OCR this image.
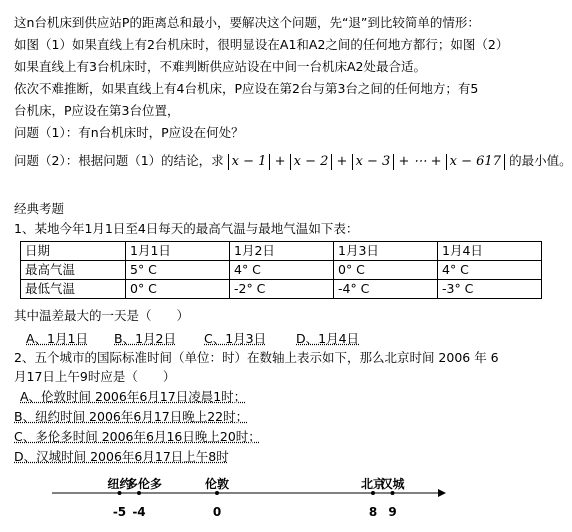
这n台机床到供应站P的距离总和最小，要解决这个问题，先“退”到比较简单的情形：
如图（1）如果直线上有2台机床时，很明显设在A1和A2之间的任何地方都行；如图（2）
如果直线上有3台机床时，不难判断供应站设在中间一台机床A2处最合适。
依次不难推断，如果直线上有4台机床，P应设在第2台与第3台之间的任何地方；有5
台机床，P应设在第3台位置，
问题（1）：有n台机床时，P应设在何处？
问题（2）：根据问题（1）的结论，求 x − 1 + x − 2 + x − 3 + ⋯ + x − 617 的最小值。
经典考题
1、某地今年1月1日至4日每天的最高气温与最地气温如下表：
日期	1月1日	1月2日	1月3日	1月4日
最高气温	5° C	4° C	0° C	4° C
最低气温	0° C	-2° C	-4° C	-3° C
其中温差最大的一天是（　　）
A、1月1日 B、1月2日 C、1月3日 D、1月4日
2、五个城市的国际标准时间（单位：时）在数轴上表示如下，那么北京时间 2006 年 6
月17日上午9时应是（　　）
A、伦敦时间 2006年6月17日凌晨1时；
B、纽约时间 2006年6月17日晚上22时；
C、多伦多时间 2006年6月16日晚上20时；
D、汉城时间 2006年6月17日上午8时
纽约
-5
多伦多
-4
伦敦
0
北京
8
汉城
9
